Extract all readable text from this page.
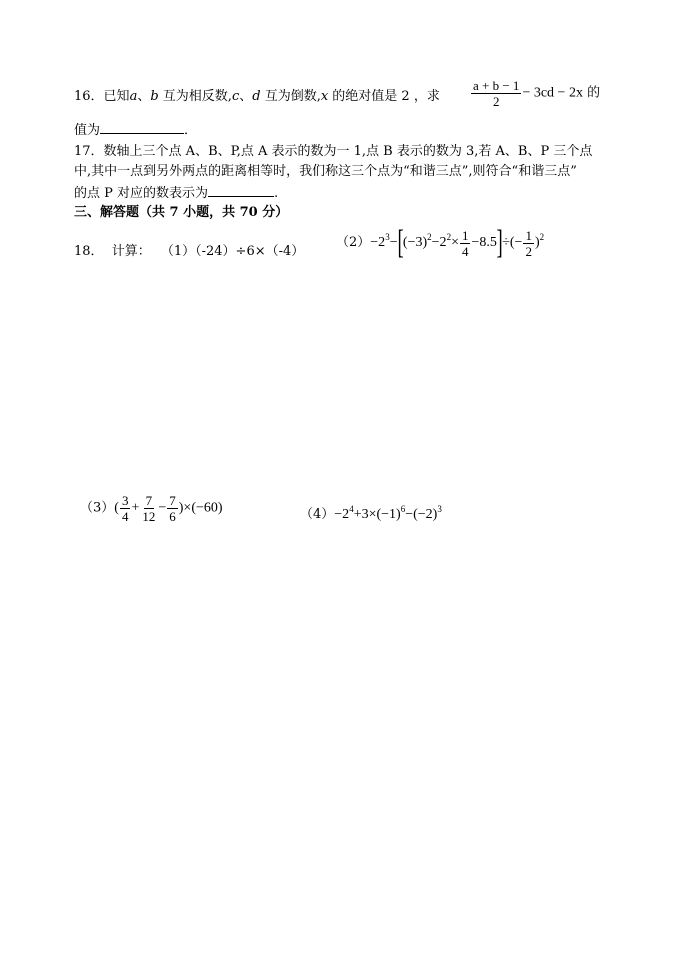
16．已知a、b 互为相反数,c、d 互为倒数,x 的绝对值是 2 ，求 $\frac{a + b - 1}{2} - 3cd - 2x$ 的
值为	．
17．数轴上三个点 A、B、P,点 A 表示的数为一 1,点 B 表示的数为 3,若 A、B、P 三个点
中,其中一点到另外两点的距离相等时，我们称这三个点为“和谐三点”,则符合“和谐三点”
的点 P 对应的数表示为	.
三、解答题（共 7 小题，共 70 分）
18． 计算： （1）（-24）÷6×（-4）
$(2)-2^3-[(-3)^2-2^2\times \frac{1}{4} -8.5]\div(- \frac{1}{2} )^2$
$(3)( \frac{3}{4} + \frac{7}{12} - \frac{7}{6} )\times(-60)$	$(4)-2^4+3\times(-1)^6-(-2)^3$
